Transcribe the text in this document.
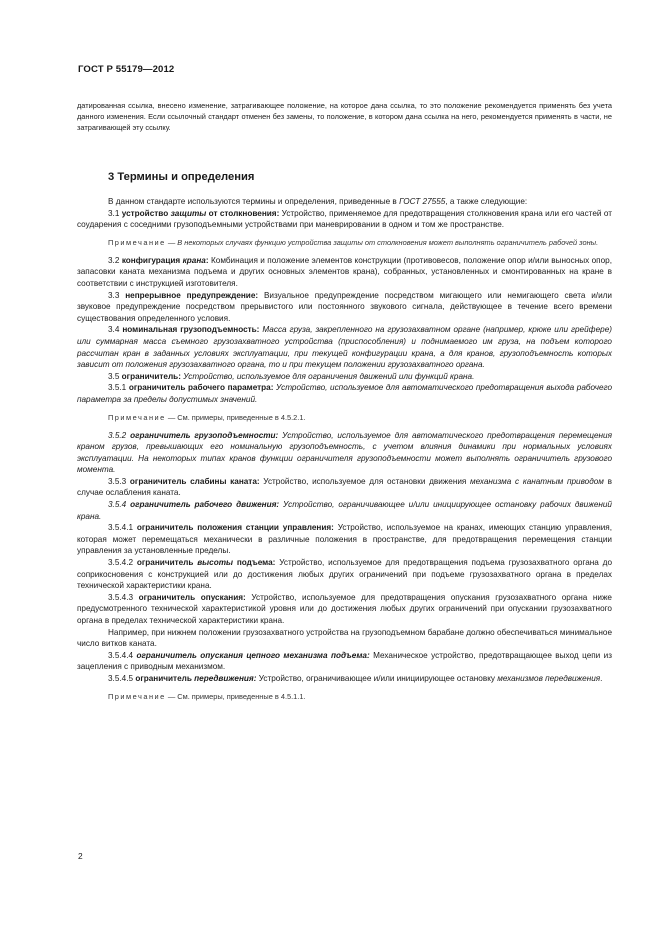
ГОСТ Р 55179—2012

датированная ссылка, внесено изменение, затрагивающее положение, на которое дана ссылка, то это положение рекомендуется применять без учета данного изменения. Если ссылочный стандарт отменен без замены, то положение, в котором дана ссылка на него, рекомендуется применять в части, не затрагивающей эту ссылку.

3 Термины и определения

В данном стандарте используются термины и определения, приведенные в ГОСТ 27555, а также следующие:

3.1 устройство защиты от столкновения: Устройство, применяемое для предотвращения столкновения крана или его частей от соударения с соседними грузоподъемными устройствами при маневрировании в одном и том же пространстве.

Примечание — В некоторых случаях функцию устройства защиты от столкновения может выполнять ограничитель рабочей зоны.

3.2 конфигурация крана: Комбинация и положение элементов конструкции (противовесов, положение опор и/или выносных опор, запасовки каната механизма подъема и других основных элементов крана), собранных, установленных и смонтированных на кране в соответствии с инструкцией изготовителя.

3.3 непрерывное предупреждение: Визуальное предупреждение посредством мигающего или немигающего света и/или звуковое предупреждение посредством прерывистого или постоянного звукового сигнала, действующее в течение всего времени существования определенного условия.

3.4 номинальная грузоподъемность: Масса груза, закрепленного на грузозахватном органе (например, крюке или грейфере) или суммарная масса съемного грузозахватного устройства (приспособления) и поднимаемого им груза, на подъем которого рассчитан кран в заданных условиях эксплуатации, при текущей конфигурации крана, а для кранов, грузоподъемность которых зависит от положения грузозахватного органа, то и при текущем положении грузозахватного органа.

3.5 ограничитель: Устройство, используемое для ограничения движений или функций крана.

3.5.1 ограничитель рабочего параметра: Устройство, используемое для автоматического предотвращения выхода рабочего параметра за пределы допустимых значений.

Примечание — См. примеры, приведенные в 4.5.2.1.

3.5.2 ограничитель грузоподъемности: Устройство, используемое для автоматического предотвращения перемещения краном грузов, превышающих его номинальную грузоподъемность, с учетом влияния динамики при нормальных условиях эксплуатации. На некоторых типах кранов функции ограничителя грузоподъемности может выполнять ограничитель грузового момента.

3.5.3 ограничитель слабины каната: Устройство, используемое для остановки движения механизма с канатным приводом в случае ослабления каната.

3.5.4 ограничитель рабочего движения: Устройство, ограничивающее и/или инициирующее остановку рабочих движений крана.

3.5.4.1 ограничитель положения станции управления: Устройство, используемое на кранах, имеющих станцию управления, которая может перемещаться механически в различные положения в пространстве, для предотвращения перемещения станции управления за установленные пределы.

3.5.4.2 ограничитель высоты подъема: Устройство, используемое для предотвращения подъема грузозахватного органа до соприкосновения с конструкцией или до достижения любых других ограничений при подъеме грузозахватного органа в пределах технической характеристики крана.

3.5.4.3 ограничитель опускания: Устройство, используемое для предотвращения опускания грузозахватного органа ниже предусмотренного технической характеристикой уровня или до достижения любых других ограничений при опускании грузозахватного органа в пределах технической характеристики крана.

Например, при нижнем положении грузозахватного устройства на грузоподъемном барабане должно обеспечиваться минимальное число витков каната.

3.5.4.4 ограничитель опускания цепного механизма подъема: Механическое устройство, предотвращающее выход цепи из зацепления с приводным механизмом.

3.5.4.5 ограничитель передвижения: Устройство, ограничивающее и/или инициирующее остановку механизмов передвижения.

Примечание — См. примеры, приведенные в 4.5.1.1.

2
